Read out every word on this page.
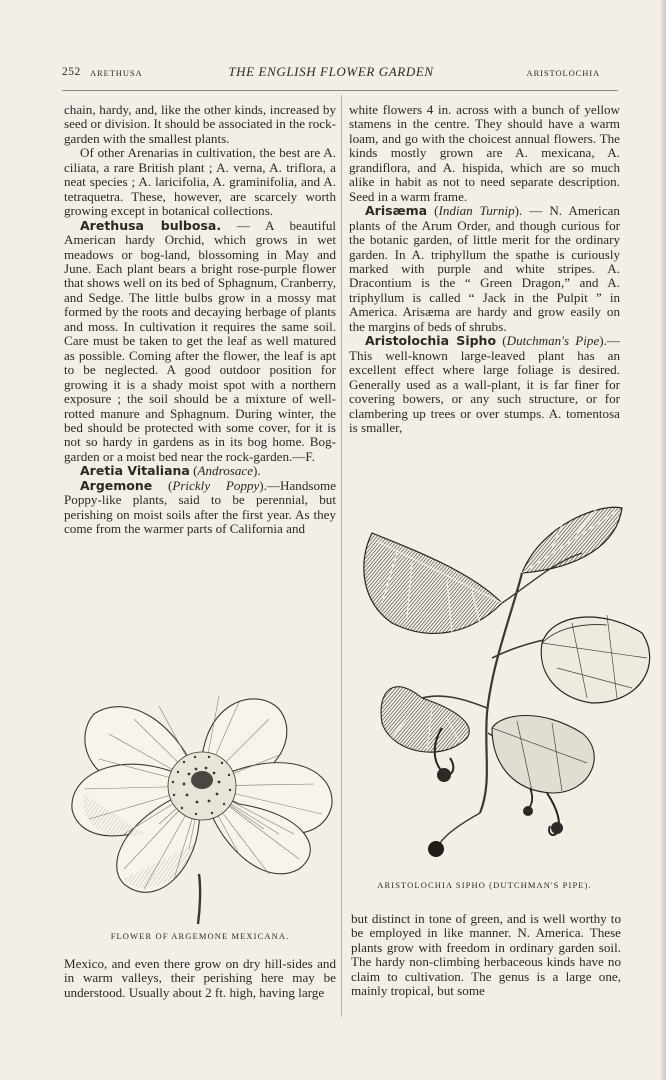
252 ARETHUSA	THE ENGLISH FLOWER GARDEN	ARISTOLOCHIA

chain, hardy, and, like the other kinds, increased by seed or division. It should be associated in the rock-garden with the smallest plants.

Of other Arenarias in cultivation, the best are A. ciliata, a rare British plant ; A. verna, A. triflora, a neat species ; A. laricifolia, A. graminifolia, and A. tetraquetra. These, however, are scarcely worth growing except in botanical collections.

Arethusa bulbosa. — A beautiful American hardy Orchid, which grows in wet meadows or bog-land, blossoming in May and June. Each plant bears a bright rose-purple flower that shows well on its bed of Sphagnum, Cranberry, and Sedge. The little bulbs grow in a mossy mat formed by the roots and decaying herbage of plants and moss. In cultivation it requires the same soil. Care must be taken to get the leaf as well matured as possible. Coming after the flower, the leaf is apt to be neglected. A good outdoor position for growing it is a shady moist spot with a northern exposure ; the soil should be a mixture of well-rotted manure and Sphagnum. During winter, the bed should be protected with some cover, for it is not so hardy in gardens as in its bog home. Bog-garden or a moist bed near the rock-garden.—F.

Aretia Vitaliana (Androsace).

Argemone (Prickly Poppy).—Handsome Poppy-like plants, said to be perennial, but perishing on moist soils after the first year. As they come from the warmer parts of California and

FLOWER OF ARGEMONE MEXICANA.

Mexico, and even there grow on dry hill-sides and in warm valleys, their perishing here may be understood. Usually about 2 ft. high, having large

white flowers 4 in. across with a bunch of yellow stamens in the centre. They should have a warm loam, and go with the choicest annual flowers. The kinds mostly grown are A. mexicana, A. grandiflora, and A. hispida, which are so much alike in habit as not to need separate description. Seed in a warm frame.

Arisæma (Indian Turnip). — N. American plants of the Arum Order, and though curious for the botanic garden, of little merit for the ordinary garden. In A. triphyllum the spathe is curiously marked with purple and white stripes. A. Dracontium is the “ Green Dragon,” and A. triphyllum is called “ Jack in the Pulpit ” in America. Arisæma are hardy and grow easily on the margins of beds of shrubs.

Aristolochia Sipho (Dutchman's Pipe).—This well-known large-leaved plant has an excellent effect where large foliage is desired. Generally used as a wall-plant, it is far finer for covering bowers, or any such structure, or for clambering up trees or over stumps. A. tomentosa is smaller,

ARISTOLOCHIA SIPHO (DUTCHMAN'S PIPE).

but distinct in tone of green, and is well worthy to be employed in like manner. N. America. These plants grow with freedom in ordinary garden soil. The hardy non-climbing herbaceous kinds have no claim to cultivation. The genus is a large one, mainly tropical, but some
